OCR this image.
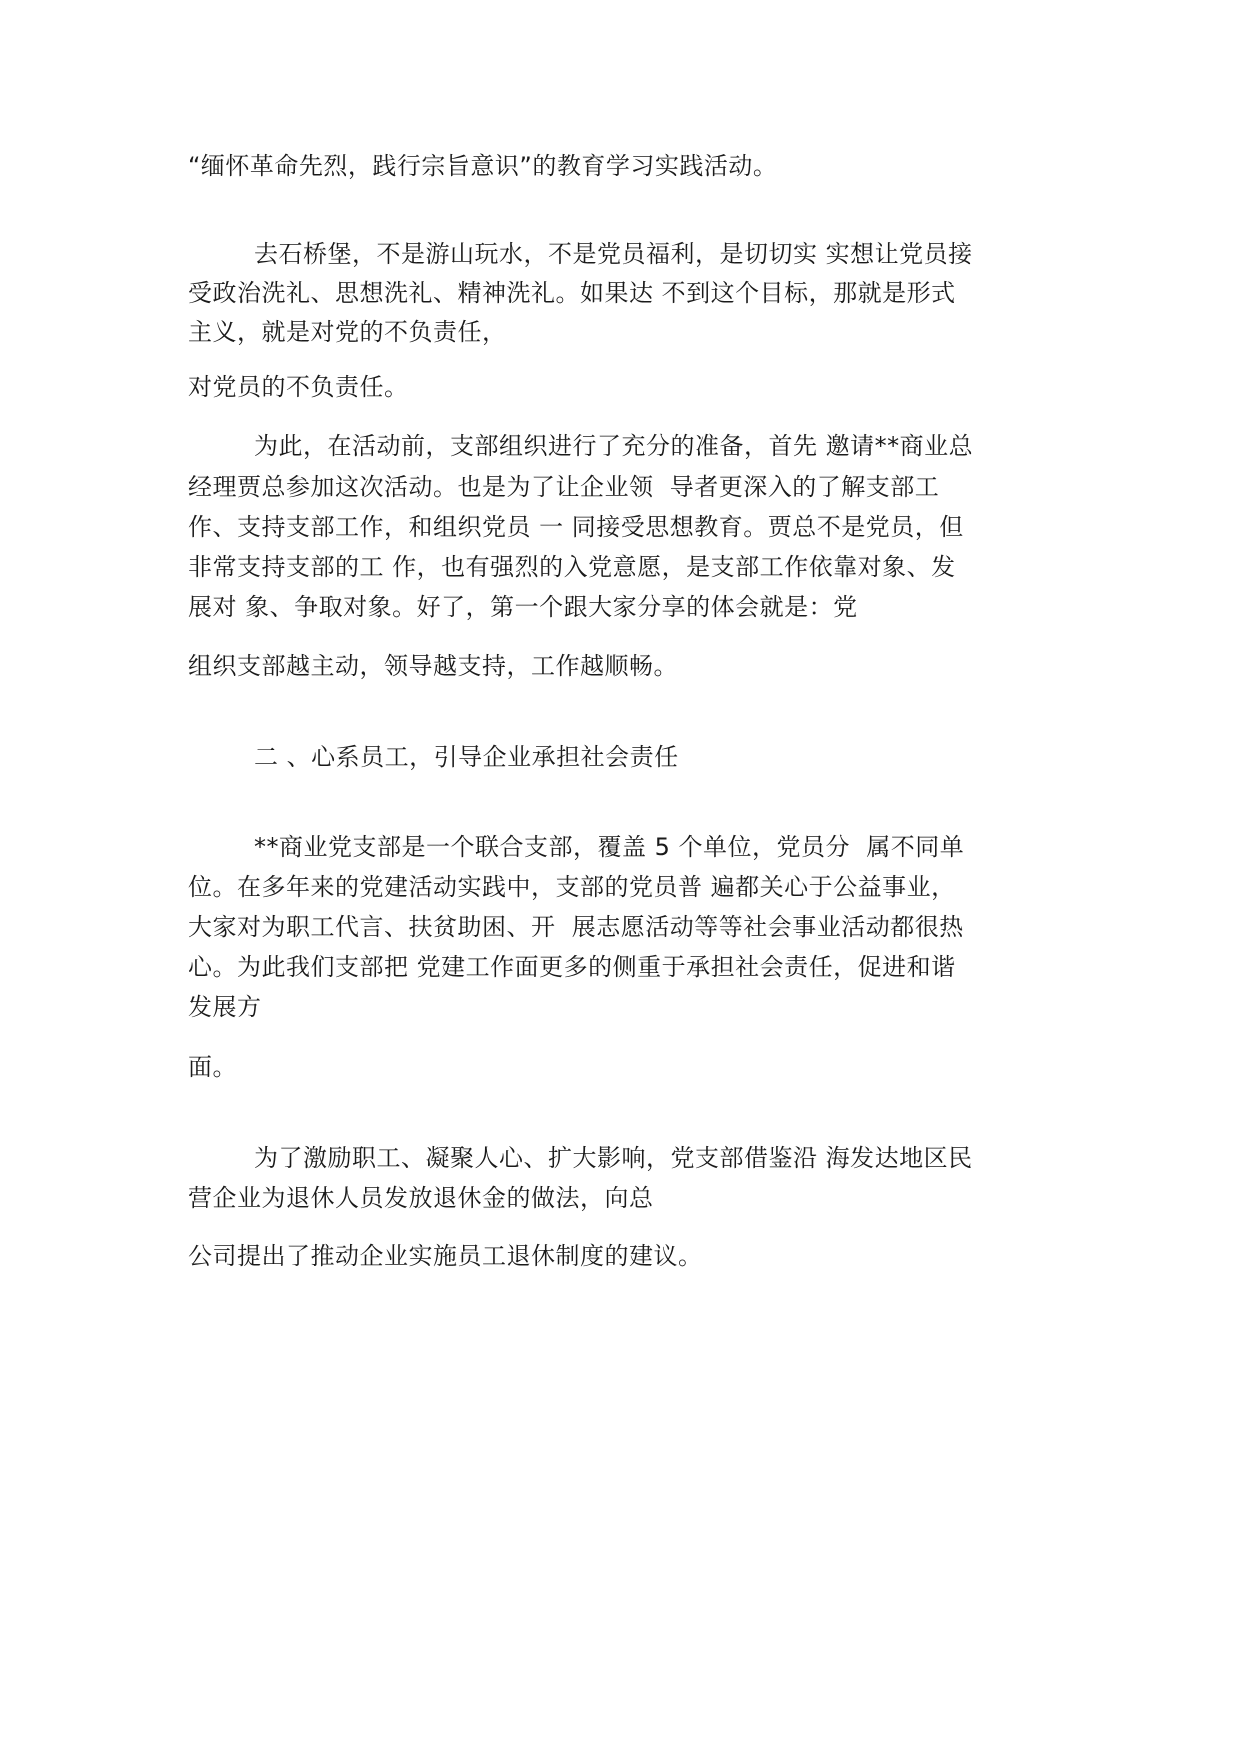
“缅怀革命先烈，践行宗旨意识”的教育学习实践活动。
去石桥堡，不是游山玩水，不是党员福利，是切切实 实想让党员接
受政治洗礼、思想洗礼、精神洗礼。如果达 不到这个目标，那就是形式
主义，就是对党的不负责任，
对党员的不负责任。
为此，在活动前，支部组织进行了充分的准备，首先 邀请**商业总
经理贾总参加这次活动。也是为了让企业领  导者更深入的了解支部工
作、支持支部工作，和组织党员 一 同接受思想教育。贾总不是党员，但
非常支持支部的工 作，也有强烈的入党意愿，是支部工作依靠对象、发
展对 象、争取对象。好了，第一个跟大家分享的体会就是：党
组织支部越主动，领导越支持，工作越顺畅。
二 、心系员工，引导企业承担社会责任
**商业党支部是一个联合支部，覆盖 5 个单位，党员分  属不同单
位。在多年来的党建活动实践中，支部的党员普 遍都关心于公益事业，
大家对为职工代言、扶贫助困、开  展志愿活动等等社会事业活动都很热
心。为此我们支部把 党建工作面更多的侧重于承担社会责任，促进和谐
发展方
面。
为了激励职工、凝聚人心、扩大影响，党支部借鉴沿 海发达地区民
营企业为退休人员发放退休金的做法，向总
公司提出了推动企业实施员工退休制度的建议。
